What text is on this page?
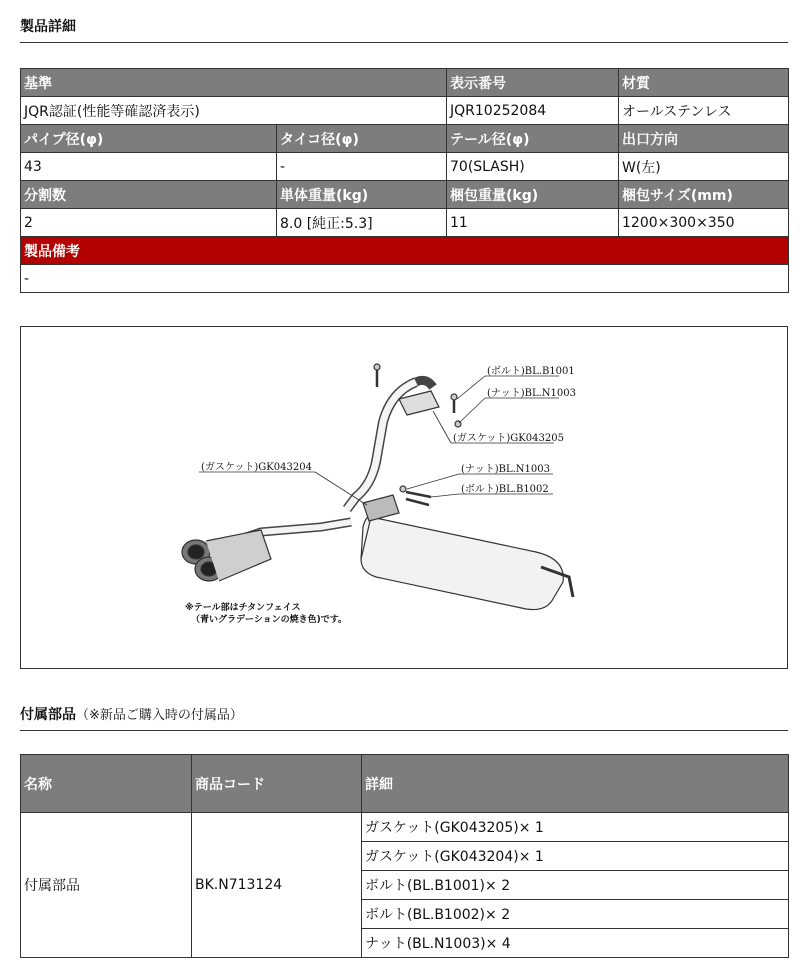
製品詳細
基準		表示番号	材質
JQR認証(性能等確認済表示)		JQR10252084	オールステンレス
パイプ径(φ)	タイコ径(φ)	テール径(φ)	出口方向
43	-	70(SLASH)	W(左)
分割数	単体重量(kg)	梱包重量(kg)	梱包サイズ(mm)
2	8.0 [純正:5.3]	11	1200×300×350
製品備考			
-			
(ボルト)BL.B1001
(ナット)BL.N1003
(ガスケット)GK043205
(ガスケット)GK043204	(ナット)BL.N1003
(ボルト)BL.B1002
※テール部はチタンフェイス
（青いグラデーションの焼き色)です。
付属部品（※新品ご購入時の付属品）
名称	商品コード	詳細
付属部品	BK.N713124	ガスケット(GK043205)× 1
		ガスケット(GK043204)× 1
		ボルト(BL.B1001)× 2
		ボルト(BL.B1002)× 2
		ナット(BL.N1003)× 4
